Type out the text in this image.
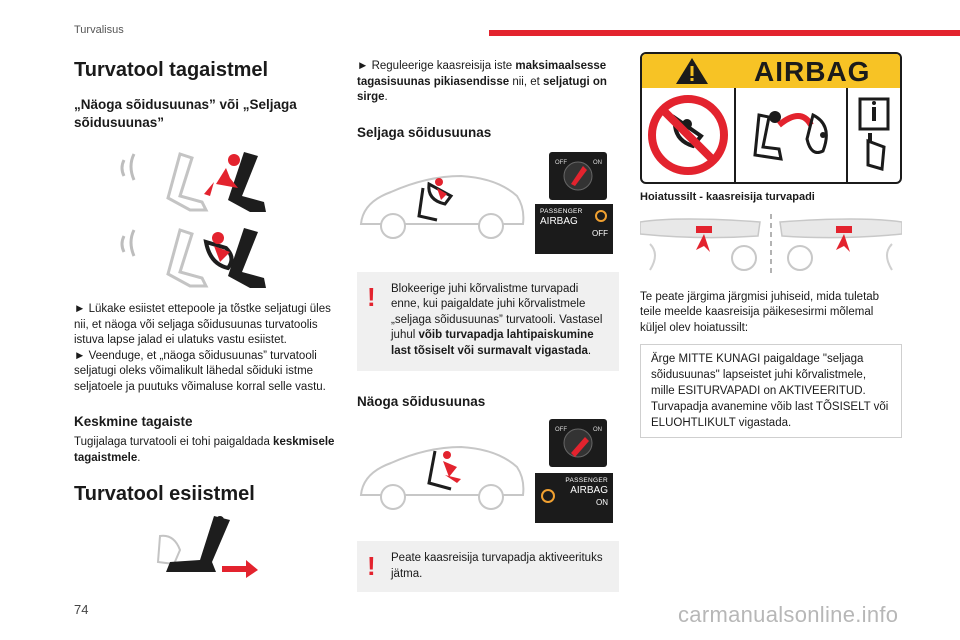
Turvalisus
74	carmanualsonline.info
Turvatool tagaistmel
„Näoga sõidusuunas” või „Seljaga sõidusuunas”

► Lükake esiistet ettepoole ja tõstke seljatugi üles nii, et näoga või seljaga sõidusuunas turvatoolis istuva lapse jalad ei ulatuks vastu esiistet.

► Veenduge, et „näoga sõidusuunas” turvatooli seljatugi oleks võimalikult lähedal sõiduki istme seljatoele ja puutuks võimaluse korral selle vastu.

Keskmine tagaiste

Tugijalaga turvatooli ei tohi paigaldada keskmisele tagaistmele.

Turvatool esiistmel

► Reguleerige kaasreisija iste maksimaalsesse tagasisuunas pikiasendisse nii, et seljatugi on sirge.

Seljaga sõidusuunas
OFF	ON
PASSENGER
AIRBAG
OFF
! Blokeerige juhi kõrvalistme turvapadi enne, kui paigaldate juhi kõrvalistmele „seljaga sõidusuunas” turvatooli. Vastasel juhul võib turvapadja lahtipaiskumine last tõsiselt või surmavalt vigastada.
Näoga sõidusuunas
OFF	ON
PASSENGER
AIRBAG
ON
! Peate kaasreisija turvapadja aktiveerituks jätma.
AIRBAG

Hoiatussilt - kaasreisija turvapadi

Te peate järgima järgmisi juhiseid, mida tuletab teile meelde kaasreisija päikesesirmi mõlemal küljel olev hoiatussilt:

Ärge MITTE KUNAGI paigaldage "seljaga sõidusuunas" lapseistet juhi kõrvalistmele, mille ESITURVAPADI on AKTIVEERITUD. Turvapadja avanemine võib last TÕSISELT või ELUOHTLIKULT vigastada.
